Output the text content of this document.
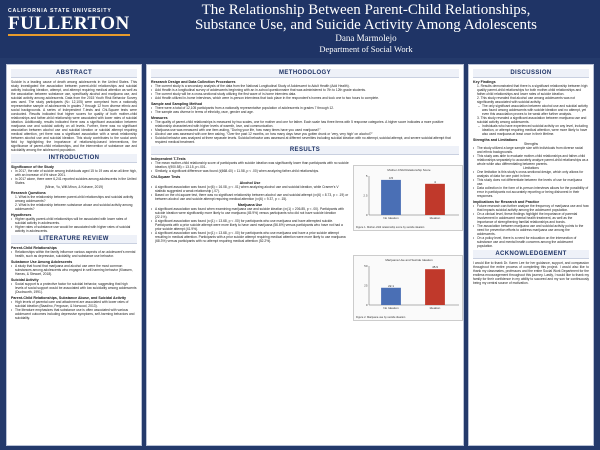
CALIFORNIA STATE UNIVERSITY
FULLERTON
The Relationship Between Parent-Child Relationships,
Substance Use, and Suicide Activity Among Adolescents
Dana Marmolejo
Department of Social Work
ABSTRACT
Suicide is a leading cause of death among adolescents in the United States. This study investigated the association between parent-child relationships and suicidal activity including ideation, attempt, and attempt requiring medical attention as well as the association between substance use, specifically alcohol and marijuana use, and suicidal activity among adolescents. Data from the 2015 Youth Risk Behavior Survey was used. The study participants (N= 12,105) were comprised from a nationally representative sample of adolescents in grades 7 through 12 from diverse ethnic and social backgrounds. A series of Independent T-tests and Chi-Square tests were conducted. Results indicated that higher scores for quality of both mother-child relationships and father-child relationship were associated with lower rates of suicidal ideation. Additionally, results indicated there was a significant association between marijuana use and suicidal activity on all levels. Further, there was no significant association between alcohol use and suicidal ideation or suicidal attempt requiring medical attention, yet there was a significant association with a weak relationship between alcohol use and suicidal ideation. This study contributes to the social work field by highlighting the importance of relationship-based interventions, the significance of parent-child relationships, and the intervention of substance use and suicidality among the adolescent population.
INTRODUCTION
Significance of the Study
• In 2017, the rate of suicide among individuals aged 15 to 19 was at an all-time high, with an increase of 4% since 2001.
• In 2017 alone, there were 6,241 reported suicides among adolescents in the United States.
(Miron, Yu, Wilf-Miron, & Kohane, 2019)
Research Questions
1. What is the relationship between parent-child relationships and suicidal activity among adolescents?
2. What is the relationship between substance abuse and suicidal activity among adolescents?
Hypotheses
• Higher quality parent-child relationships will be associated with lower rates of suicidal activity in adolescents.
• Higher rates of substance use would be associated with higher rates of suicidal activity in adolescents.
LITERATURE REVIEW
Parent-Child Relationships
• Relationships within the family influence various aspects of an adolescent's mental health, such as depression, suicidality, and substance use behavior.
Substance Use Among Adolescents
• A study that found that marijuana and alcohol use were the most common substances among adolescents who engaged in self-harming behavior (Klassen, Harras, & Stewart, 2018).
Suicidal Activity
• Social support is a protective factor for suicidal behavior, suggesting that high levels of social support would be associated with low suicidality among adolescents (Duckworth, 1991).
Parent-Child Relationships, Substance Abuse, and Suicidal Activity
• High levels of parental care and attachment are associated with lower rates of suicidal ideation (Baadino, Ferguson, & Norwood, 2013).
• The literature emphasizes that substance use is often associated with various adolescent outcomes including depressive symptoms, self-harming behaviors and suicidality.
METHODOLOGY
Research Design and Data Collection Procedures
• The current study is a secondary analysis of the data from the National Longitudinal Study of Adolescent to Adult Health (Add Health).
• Add Health is a longitudinal survey of adolescents beginning with an in-school questionnaire that was administered to 7th to 12th grade students.
• The current study will be a cross-sectional study utilizing the first wave of in-home interview data.
• Add Health utilized in-home interviews, which were in-person interviews that took place in the respondent's homes and took one to two hours to complete.
Sample and Sampling Method
• There were a total of 12,105 participants from a nationally representative population of adolescents in grades 7 through 12.
• The sample was diverse in terms of ethnicity, race, gender and age.
Measures
• The quality of parent-child relationships is measured by two scales, one for mother and one for father. Each scale has three items with 5 response categories. A higher score indicates a more positive relationship characterized with higher levels of warmth, love, and communication.
• Marijuana use was measured with one item asking, "During your life, how many times have you used marijuana?"
• Alcohol use was assessed with one item asking, "Over the past 12 months, on how many days have you gotten drunk or 'very, very high' on alcohol?"
• Suicidal behavior was analyzed at three separate levels. Suicidal behavior was assessed at different severities including suicidal ideation with no attempt, suicidal attempt, and severe suicidal attempt that required medical treatment.
RESULTS
Independent T-Tests
• The mean mother-child relationship score of participants with suicide ideation was significantly lower than participants with no suicide ideation, t(900.58) = 13.15, p<.001.
• Similarly, a significant difference was found (t(668.40) = 11.58, p < .00) when analyzing father-child relationships.
Chi-Square Tests
Alcohol Use
• A significant association was found (x²(6) = 16.08, p < .01) when analyzing alcohol use and suicidal ideation, while Cramer's V statistic suggested a weak relationship (.07).
• Based on the chi-square test, there was no significant relationship between alcohol use and suicidal attempt (x²(6) = 8.73, p = .19) or between alcohol use and suicide attempt requiring medical attention (x²(6) = 9.37, p = .15).
Marijuana Use
• A significant association was found when examining marijuana use and suicide ideation (x²(1) = 206.85, p < .00). Participants with suicide ideation were significantly more likely to use marijuana (45.9%) versus participants who did not have suicide ideation (22.1%).
• A significant association was found (x²(1) = 13.68, p < .00) for participants who use marijuana and have attempted suicide. Participants with a prior suicide attempt were more likely to have used marijuana (56.6%) versus participants who have not had a prior suicide attempt (41.9%).
• A significant association was found (x²(1) = 13.68, p < .00) for participants who use marijuana and have a prior suicide attempt resulting in medical attention. Participants with a prior suicide attempt requiring medical attention were more likely to use marijuana (68.3%) versus participants with no attempt requiring medical attention (52.2%).
Mother-Child Relationship Score
0
2.5
5
No Ideation
4.5
Ideation
4
Figure 1. Mother-child relationship score by suicide ideation
Marijuana Use and Suicide Ideation
0
25
50
No Ideation
22.1
Ideation
45.9
Figure 2. Marijuana use by suicide ideation
DISCUSSION
Key Findings
1. Results demonstrated that there is a significant relationship between high quality parent-child relationships for both mother-child relationships and father-child relationships and lower rates of suicide ideation.
2. This study revealed that alcohol use among adolescents was not significantly associated with suicidal activity.
– The only significant association between alcohol use and suicidal activity was found among adolescents with suicide ideation and no attempt, yet even this association proves to be weak after further analysis.
3. This study revealed a significant association between marijuana use and suicidal activity among adolescents.
– Individuals who have experienced suicidal activity on any level, including ideation, or attempt requiring medical attention, were more likely to have also used marijuana at least once in their lifetime.
Strengths and Limitations
Strengths
• The study utilized a large sample size with individuals from diverse racial and ethnic backgrounds.
• This study was able to evaluate mother-child relationships and father-child relationships separately to accurately analyze parent-child relationships as a whole while also differentiating between parents.
Limitations
• One limitation is this study's cross-sectional design, which only allows for analysis of data for one point in time.
• This study does not differentiate between the levels of use for marijuana use.
• Data collection in the form of in-person interviews allows for the possibility of error in participants not accurately reporting or being dishonest in their responses.
Implications for Research and Practice
• Future research can further analyze the frequency of marijuana use and how that impacts suicidal activity among the adolescent population.
• On a clinical level, these findings highlight the importance of parental involvement in adolescent mental health treatment, as well as the importance of strengthening familial relationships and bonds.
• The association between marijuana use and suicidal activity points to the need for prevention efforts to address marijuana use among the adolescents.
• On a policy level, there is a need for education on the intersection of substance use and mental health concerns among the adolescent population.
ACKNOWLEDGEMENT
I would like to thank Dr. Karen Lee for her guidance, support, and compassion throughout the entire process of completing this project. I would also like to thank my classmates, professors and the entire Social Work Department for the endless encouragement throughout this journey. Lastly, I would like to thank my family for their confidence in my ability to succeed and my son for continuously being my central source of motivation.
